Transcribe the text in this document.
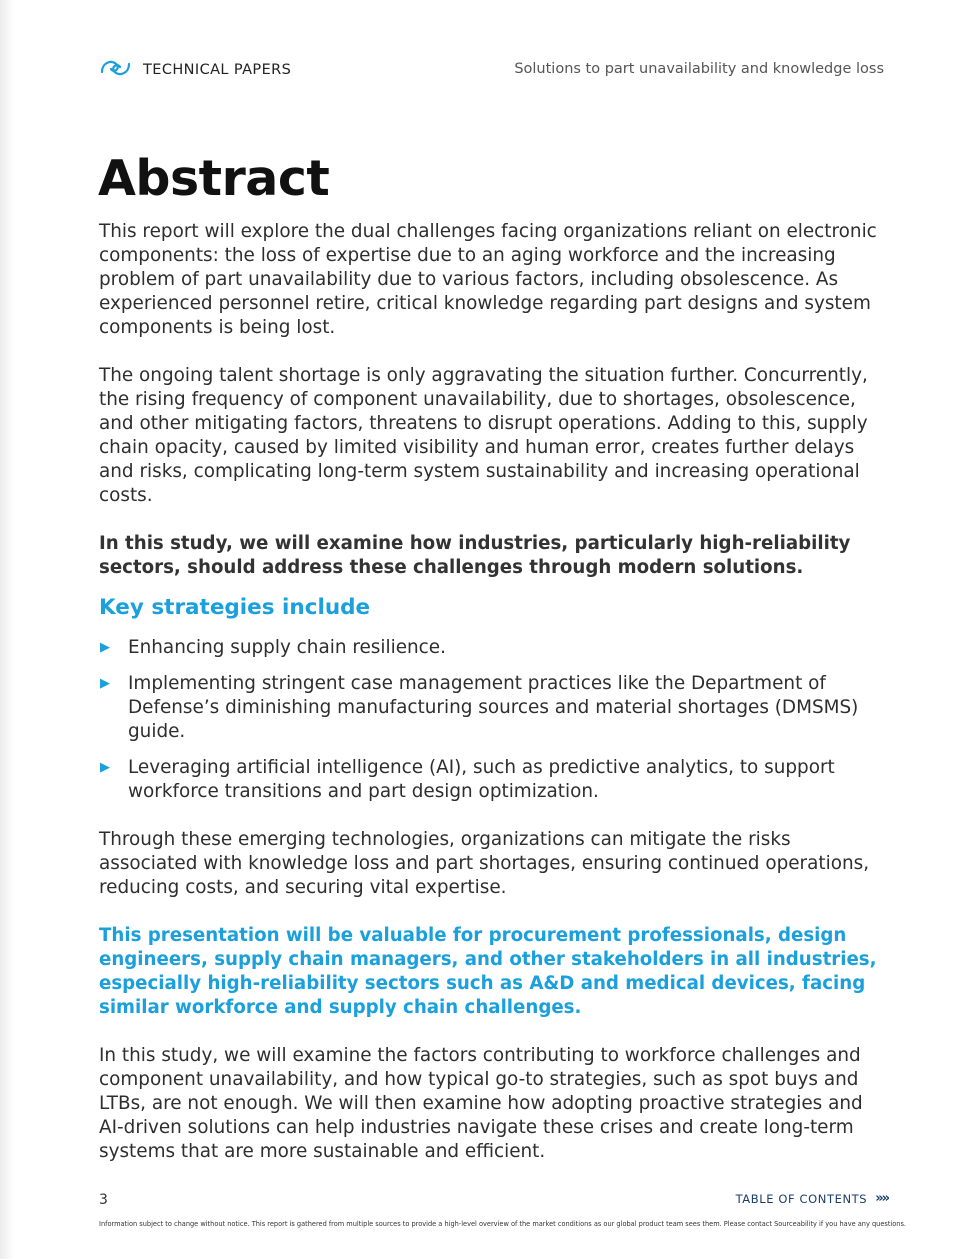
TECHNICAL PAPERS	Solutions to part unavailability and knowledge loss
Abstract

This report will explore the dual challenges facing organizations reliant on electronic components: the loss of expertise due to an aging workforce and the increasing problem of part unavailability due to various factors, including obsolescence. As experienced personnel retire, critical knowledge regarding part designs and system components is being lost.

The ongoing talent shortage is only aggravating the situation further. Concurrently, the rising frequency of component unavailability, due to shortages, obsolescence, and other mitigating factors, threatens to disrupt operations. Adding to this, supply chain opacity, caused by limited visibility and human error, creates further delays and risks, complicating long-term system sustainability and increasing operational costs.

In this study, we will examine how industries, particularly high-reliability sectors, should address these challenges through modern solutions.

Key strategies include
▶ Enhancing supply chain resilience.
▶ Implementing stringent case management practices like the Department of Defense’s diminishing manufacturing sources and material shortages (DMSMS) guide.
▶ Leveraging artificial intelligence (AI), such as predictive analytics, to support workforce transitions and part design optimization.

Through these emerging technologies, organizations can mitigate the risks associated with knowledge loss and part shortages, ensuring continued operations, reducing costs, and securing vital expertise.

This presentation will be valuable for procurement professionals, design engineers, supply chain managers, and other stakeholders in all industries, especially high-reliability sectors such as A&D and medical devices, facing similar workforce and supply chain challenges.

In this study, we will examine the factors contributing to workforce challenges and component unavailability, and how typical go-to strategies, such as spot buys and LTBs, are not enough. We will then examine how adopting proactive strategies and AI-driven solutions can help industries navigate these crises and create long-term systems that are more sustainable and efficient.

3	TABLE OF CONTENTS »»
Information subject to change without notice. This report is gathered from multiple sources to provide a high-level overview of the market conditions as our global product team sees them. Please contact Sourceability if you have any questions.
